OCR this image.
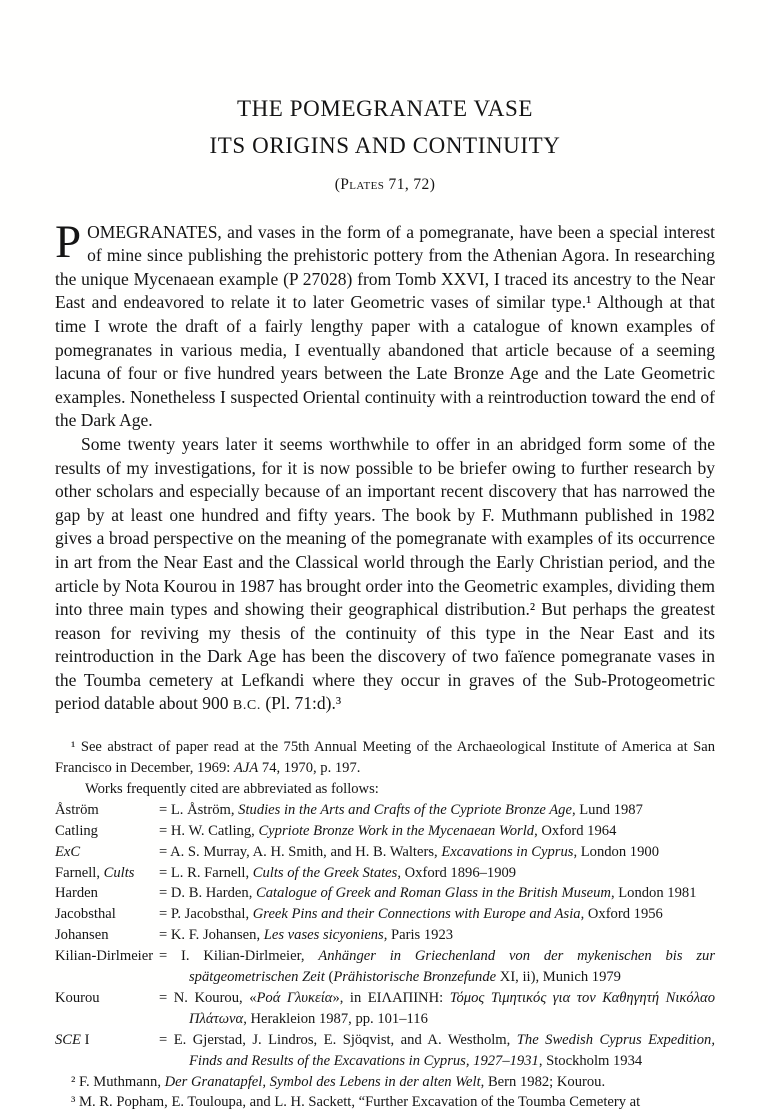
THE POMEGRANATE VASE
ITS ORIGINS AND CONTINUITY
(Plates 71, 72)

POMEGRANATES, and vases in the form of a pomegranate, have been a special interest of mine since publishing the prehistoric pottery from the Athenian Agora. In researching the unique Mycenaean example (P 27028) from Tomb XXVI, I traced its ancestry to the Near East and endeavored to relate it to later Geometric vases of similar type.¹ Although at that time I wrote the draft of a fairly lengthy paper with a catalogue of known examples of pomegranates in various media, I eventually abandoned that article because of a seeming lacuna of four or five hundred years between the Late Bronze Age and the Late Geometric examples. Nonetheless I suspected Oriental continuity with a reintroduction toward the end of the Dark Age.

Some twenty years later it seems worthwhile to offer in an abridged form some of the results of my investigations, for it is now possible to be briefer owing to further research by other scholars and especially because of an important recent discovery that has narrowed the gap by at least one hundred and fifty years. The book by F. Muthmann published in 1982 gives a broad perspective on the meaning of the pomegranate with examples of its occurrence in art from the Near East and the Classical world through the Early Christian period, and the article by Nota Kourou in 1987 has brought order into the Geometric examples, dividing them into three main types and showing their geographical distribution.² But perhaps the greatest reason for reviving my thesis of the continuity of this type in the Near East and its reintroduction in the Dark Age has been the discovery of two faïence pomegranate vases in the Toumba cemetery at Lefkandi where they occur in graves of the Sub-Protogeometric period datable about 900 B.C. (Pl. 71:d).³

¹ See abstract of paper read at the 75th Annual Meeting of the Archaeological Institute of America at San Francisco in December, 1969: AJA 74, 1970, p. 197.

Works frequently cited are abbreviated as follows:

Åström	= L. Åström, Studies in the Arts and Crafts of the Cypriote Bronze Age, Lund 1987
Catling	= H. W. Catling, Cypriote Bronze Work in the Mycenaean World, Oxford 1964
ExC	= A. S. Murray, A. H. Smith, and H. B. Walters, Excavations in Cyprus, London 1900
Farnell, Cults	= L. R. Farnell, Cults of the Greek States, Oxford 1896–1909
Harden	= D. B. Harden, Catalogue of Greek and Roman Glass in the British Museum, London 1981
Jacobsthal	= P. Jacobsthal, Greek Pins and their Connections with Europe and Asia, Oxford 1956
Johansen	= K. F. Johansen, Les vases sicyoniens, Paris 1923
Kilian-Dirlmeier = I. Kilian-Dirlmeier, Anhänger in Griechenland von der mykenischen bis zur spätgeometrischen Zeit (Prähistorische Bronzefunde XI, ii), Munich 1979
Kourou	= N. Kourou, «Ροά Γλυκεία», in ΕΙΛΑΠΙΝΗ: Τόμος Τιμητικός για τον Καθηγητή Νικόλαο Πλάτωνα, Herakleion 1987, pp. 101–116
SCE I	= E. Gjerstad, J. Lindros, E. Sjöqvist, and A. Westholm, The Swedish Cyprus Expedition, Finds and Results of the Excavations in Cyprus, 1927–1931, Stockholm 1934

² F. Muthmann, Der Granatapfel, Symbol des Lebens in der alten Welt, Bern 1982; Kourou.

³ M. R. Popham, E. Touloupa, and L. H. Sackett, “Further Excavation of the Toumba Cemetery at
